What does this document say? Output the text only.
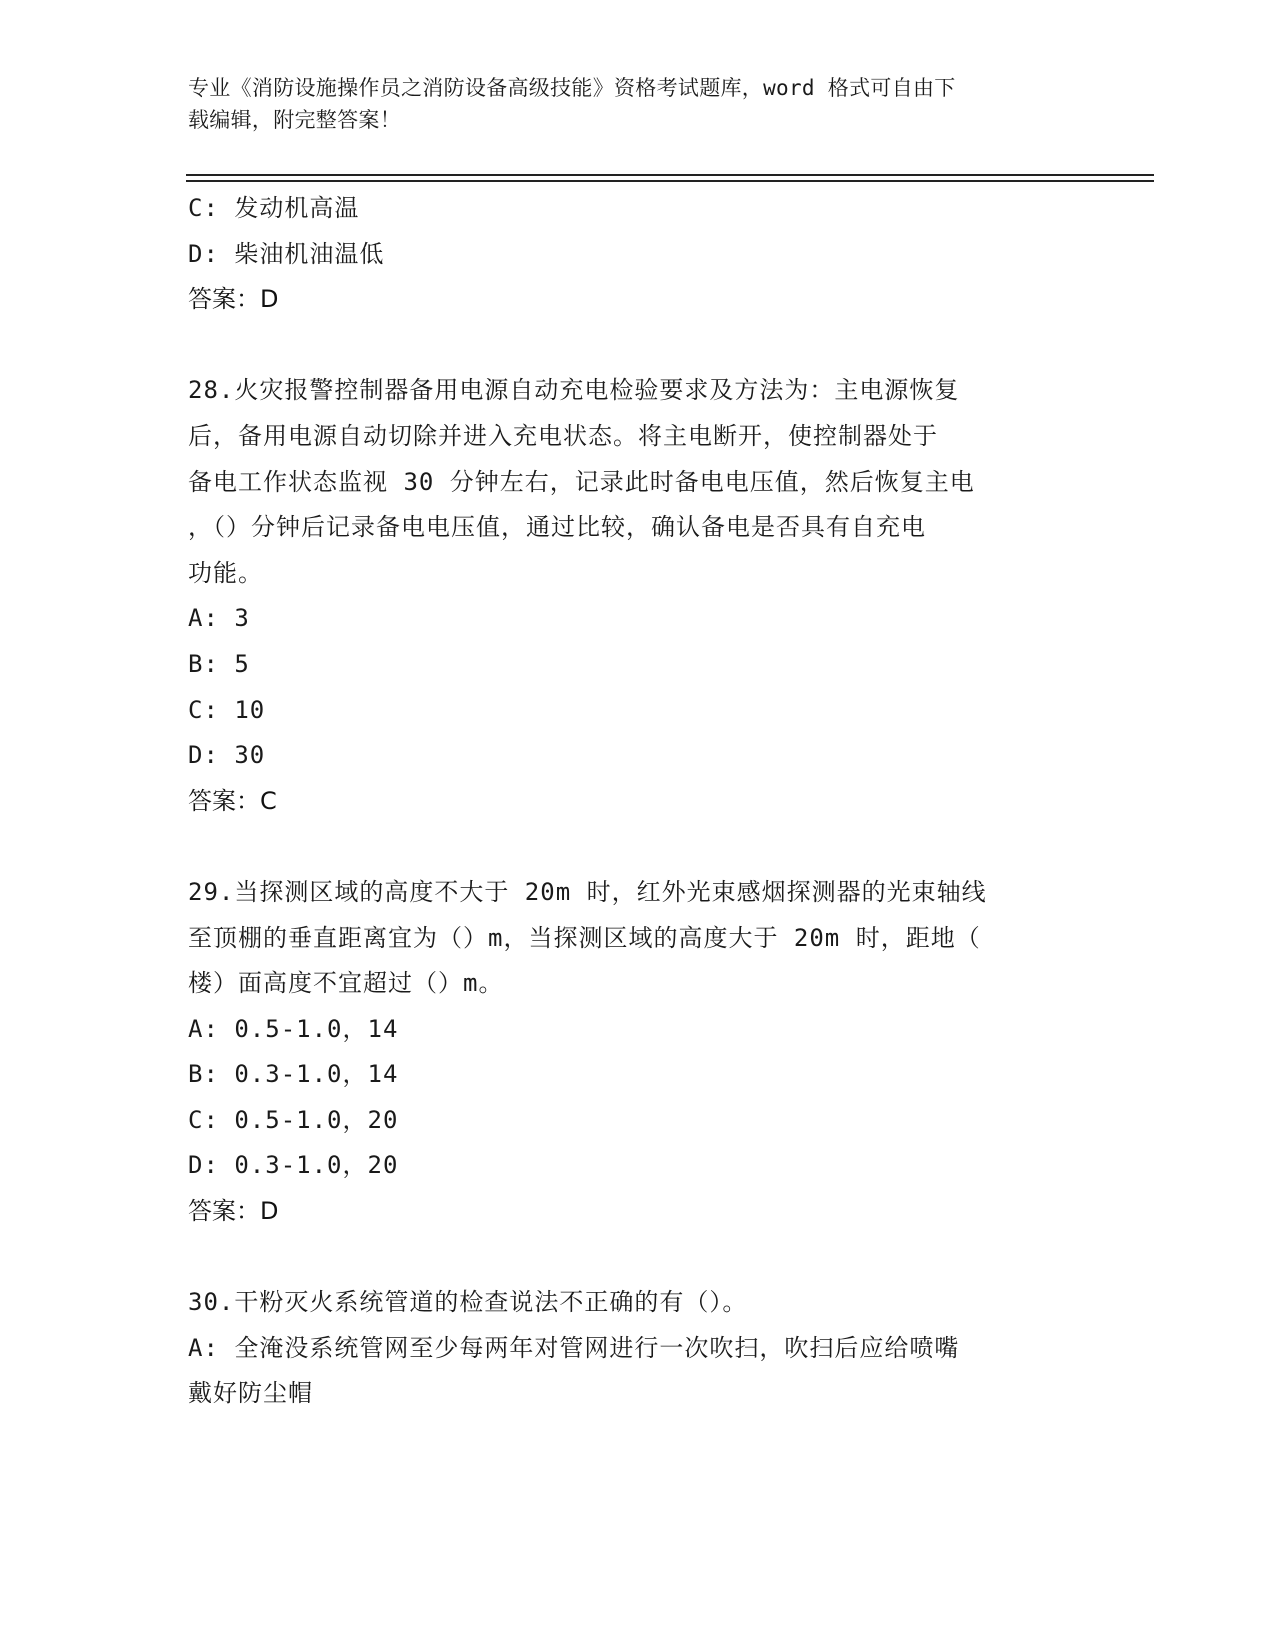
专业《消防设施操作员之消防设备高级技能》资格考试题库，word 格式可自由下
载编辑，附完整答案！
C: 发动机高温
D: 柴油机油温低
答案：D
28.火灾报警控制器备用电源自动充电检验要求及方法为：主电源恢复
后，备用电源自动切除并进入充电状态。将主电断开，使控制器处于
备电工作状态监视 30 分钟左右，记录此时备电电压值，然后恢复主电
，（）分钟后记录备电电压值，通过比较，确认备电是否具有自充电
功能。
A: 3
B: 5
C: 10
D: 30
答案：C
29.当探测区域的高度不大于 20m 时，红外光束感烟探测器的光束轴线
至顶棚的垂直距离宜为（）m，当探测区域的高度大于 20m 时，距地（
楼）面高度不宜超过（）m。
A: 0.5-1.0，14
B: 0.3-1.0，14
C: 0.5-1.0，20
D: 0.3-1.0，20
答案：D
30.干粉灭火系统管道的检查说法不正确的有（）。
A: 全淹没系统管网至少每两年对管网进行一次吹扫，吹扫后应给喷嘴
戴好防尘帽
